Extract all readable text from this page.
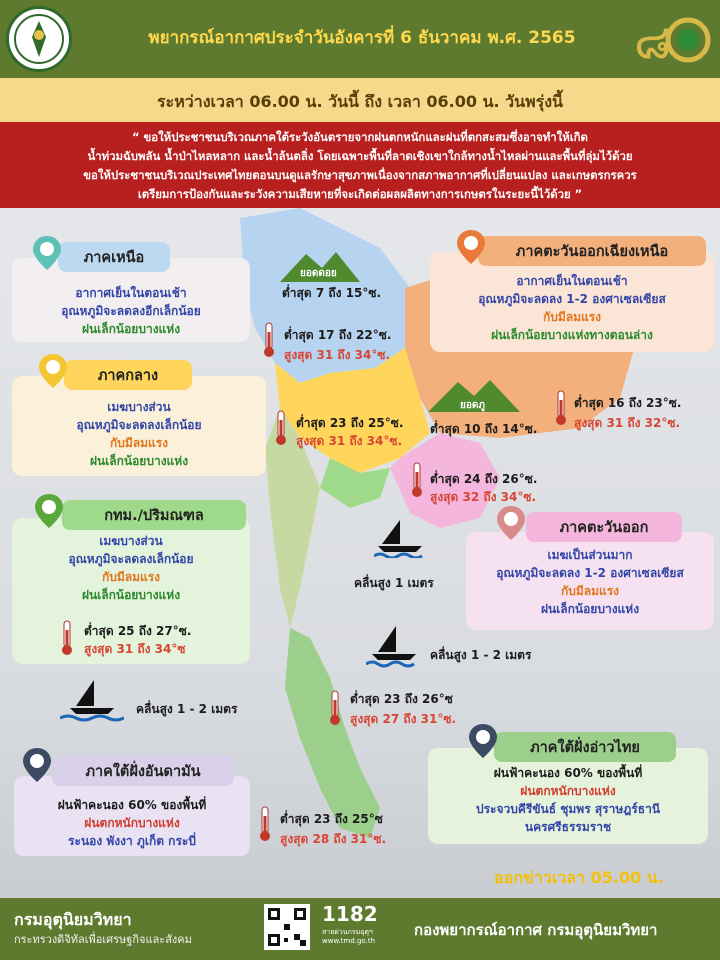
พยากรณ์อากาศประจำวันอังคารที่ 6 ธันวาคม พ.ศ. 2565	๘
ระหว่างเวลา 06.00 น. วันนี้ ถึง เวลา 06.00 น. วันพรุ่งนี้
“ ขอให้ประชาชนบริเวณภาคใต้ระวังอันตรายจากฝนตกหนักและฝนที่ตกสะสมซึ่งอาจทำให้เกิด
น้ำท่วมฉับพลัน น้ำป่าไหลหลาก และน้ำล้นตลิ่ง โดยเฉพาะพื้นที่ลาดเชิงเขาใกล้ทางน้ำไหลผ่านและพื้นที่ลุ่มไว้ด้วย
ขอให้ประชาชนบริเวณประเทศไทยตอนบนดูแลรักษาสุขภาพเนื่องจากสภาพอากาศที่เปลี่ยนแปลง และเกษตรกรควร
เตรียมการป้องกันและระวังความเสียหายที่จะเกิดต่อผลผลิตทางการเกษตรในระยะนี้ไว้ด้วย ”
อากาศเย็นในตอนเช้า
อุณหภูมิจะลดลงอีกเล็กน้อย
ฝนเล็กน้อยบางแห่ง
ภาคเหนือ
ยอดดอย
ต่ำสุด 7 ถึง 15°ซ.
ต่ำสุด 17 ถึง 22°ซ.
สูงสุด 31 ถึง 34°ซ.
อากาศเย็นในตอนเช้า
อุณหภูมิจะลดลง 1-2 องศาเซลเซียส
กับมีลมแรง
ฝนเล็กน้อยบางแห่งทางตอนล่าง
ภาคตะวันออกเฉียงเหนือ
ยอดภู
ต่ำสุด 10 ถึง 14°ซ.
ต่ำสุด 16 ถึง 23°ซ.
สูงสุด 31 ถึง 32°ซ.
เมฆบางส่วน
อุณหภูมิจะลดลงเล็กน้อย
กับมีลมแรง
ฝนเล็กน้อยบางแห่ง
ภาคกลาง
ต่ำสุด 23 ถึง 25°ซ.
สูงสุด 31 ถึง 34°ซ.
ต่ำสุด 24 ถึง 26°ซ.
สูงสุด 32 ถึง 34°ซ.
เมฆเป็นส่วนมาก
อุณหภูมิจะลดลง 1-2 องศาเซลเซียส
กับมีลมแรง
ฝนเล็กน้อยบางแห่ง
ภาคตะวันออก
เมฆบางส่วน
อุณหภูมิจะลดลงเล็กน้อย
กับมีลมแรง
ฝนเล็กน้อยบางแห่ง
กทม./ปริมณฑล
ต่ำสุด 25 ถึง 27°ซ.
สูงสุด 31 ถึง 34°ซ
คลื่นสูง 1 เมตร
คลื่นสูง 1 - 2 เมตร
คลื่นสูง 1 - 2 เมตร
ต่ำสุด 23 ถึง 26°ซ
สูงสุด 27 ถึง 31°ซ.
ฝนฟ้าคะนอง 60% ของพื้นที่
ฝนตกหนักบางแห่ง
ประจวบคีรีขันธ์ ชุมพร สุราษฎร์ธานี
นครศรีธรรมราช
ภาคใต้ฝั่งอ่าวไทย
ฝนฟ้าคะนอง 60% ของพื้นที่
ฝนตกหนักบางแห่ง
ระนอง พังงา ภูเก็ต กระบี่
ภาคใต้ฝั่งอันดามัน
ต่ำสุด 23 ถึง 25°ซ
สูงสุด 28 ถึง 31°ซ.
ออกข่าวเวลา 05.00 น.
กรมอุตุนิยมวิทยา
กระทรวงดิจิทัลเพื่อเศรษฐกิจและสังคม
1182
สายด่วนกรมอุตุฯ www.tmd.go.th
กองพยากรณ์อากาศ กรมอุตุนิยมวิทยา
